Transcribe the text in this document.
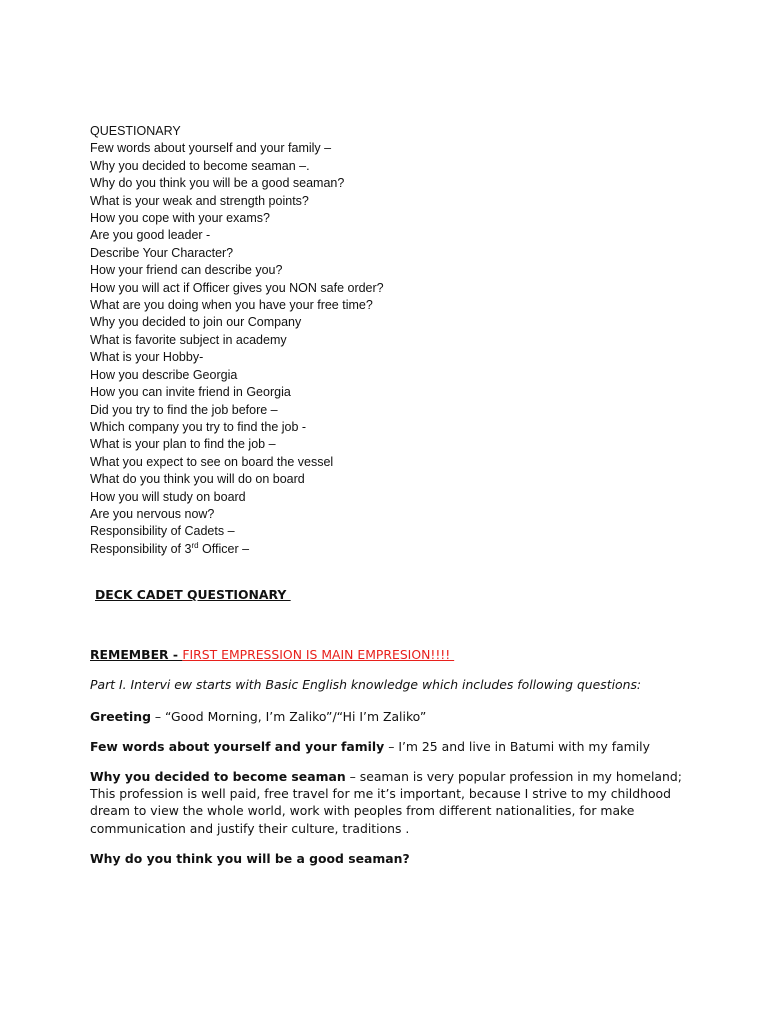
QUESTIONARY
Few words about yourself and your family –
Why you decided to become seaman –.
Why do you think you will be a good seaman?
What is your weak and strength points?
How you cope with your exams?
Are you good leader -
Describe Your Character?
How your friend can describe you?
How you will act if Officer gives you NON safe order?
What are you doing when you have your free time?
Why you decided to join our Company
What is favorite subject in academy
What is your Hobby-
How you describe Georgia
How you can invite friend in Georgia
Did you try to find the job before –
Which company you try to find the job -
What is your plan to find the job –
What you expect to see on board the vessel
What do you think you will do on board
How you will study on board
Are you nervous now?
Responsibility of Cadets –
Responsibility of 3rd Officer –
DECK CADET QUESTIONARY
REMEMBER - FIRST EMPRESSION IS MAIN EMPRESION!!!!
Part I. Intervi ew starts with Basic English knowledge which includes following questions:
Greeting – “Good Morning, I’m Zaliko”/“Hi I’m Zaliko”
Few words about yourself and your family – I’m 25 and live in Batumi with my family
Why you decided to become seaman – seaman is very popular profession in my homeland; This profession is well paid, free travel for me it’s important, because I strive to my childhood dream to view the whole world, work with peoples from different nationalities, for make communication and justify their culture, traditions .
Why do you think you will be a good seaman?
